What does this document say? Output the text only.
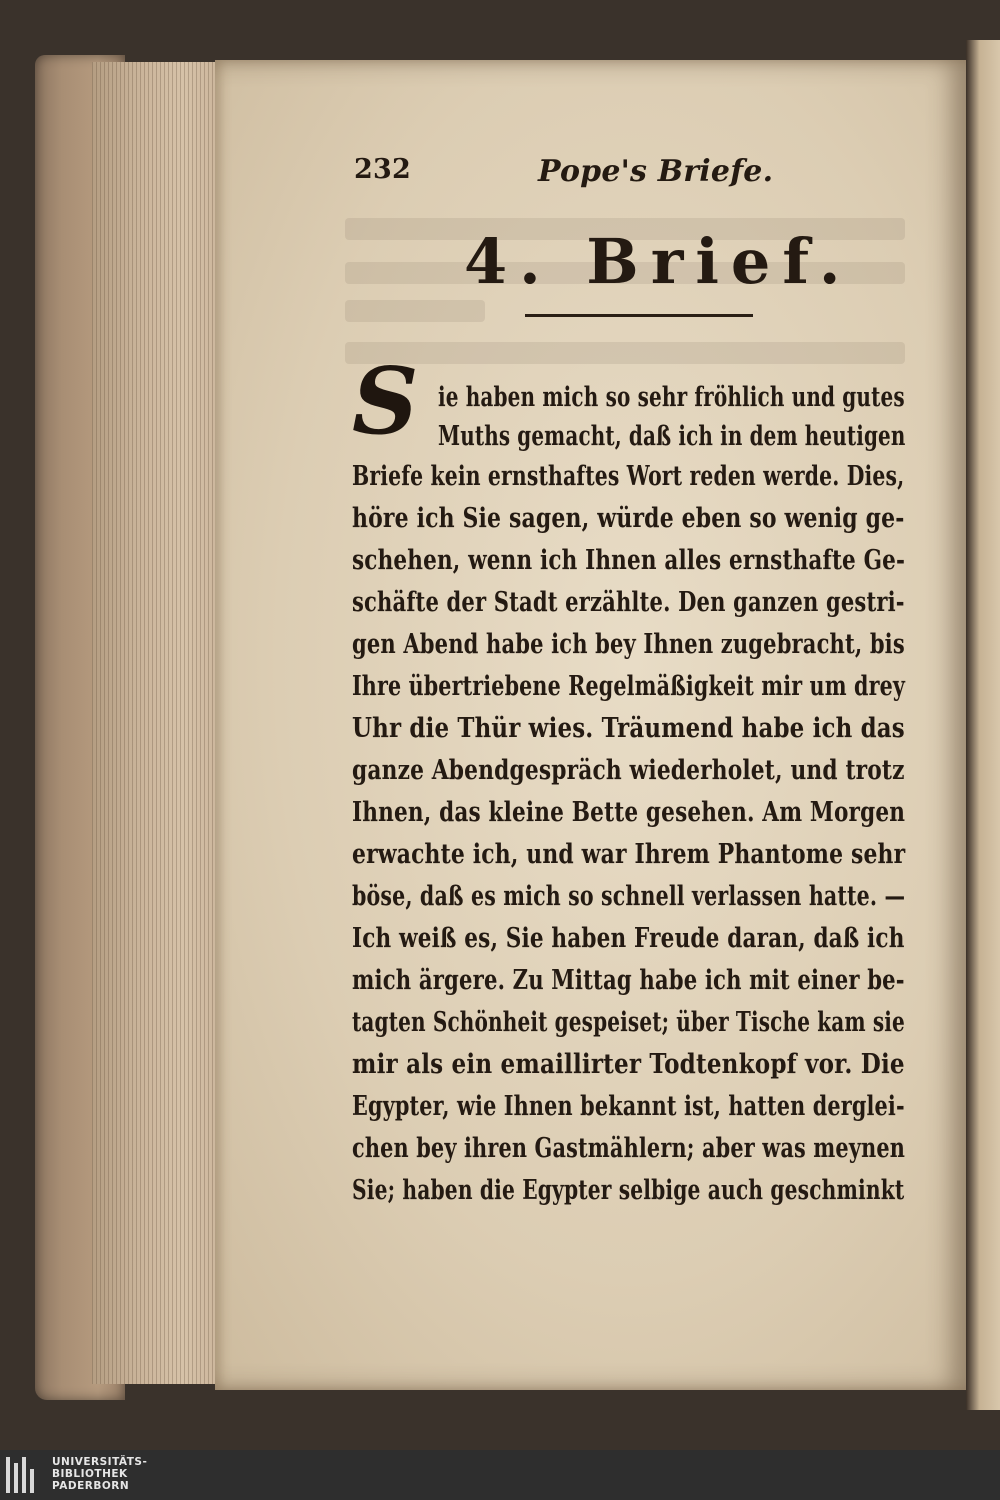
232	Pope's Briefe.
4. Brief.
S ie haben mich so sehr fröhlich und gutes
Muths gemacht, daß ich in dem heutigen
Briefe kein ernsthaftes Wort reden werde. Dies,
höre ich Sie sagen, würde eben so wenig ge-
schehen, wenn ich Ihnen alles ernsthafte Ge-
schäfte der Stadt erzählte. Den ganzen gestri-
gen Abend habe ich bey Ihnen zugebracht, bis
Ihre übertriebene Regelmäßigkeit mir um drey
Uhr die Thür wies. Träumend habe ich das
ganze Abendgespräch wiederholet, und trotz
Ihnen, das kleine Bette gesehen. Am Morgen
erwachte ich, und war Ihrem Phantome sehr
böse, daß es mich so schnell verlassen hatte. —
Ich weiß es, Sie haben Freude daran, daß ich
mich ärgere. Zu Mittag habe ich mit einer be-
tagten Schönheit gespeiset; über Tische kam sie
mir als ein emaillirter Todtenkopf vor. Die
Egypter, wie Ihnen bekannt ist, hatten derglei-
chen bey ihren Gastmählern; aber was meynen
Sie; haben die Egypter selbige auch geschminkt
UNIVERSITÄTS-
BIBLIOTHEK
PADERBORN
